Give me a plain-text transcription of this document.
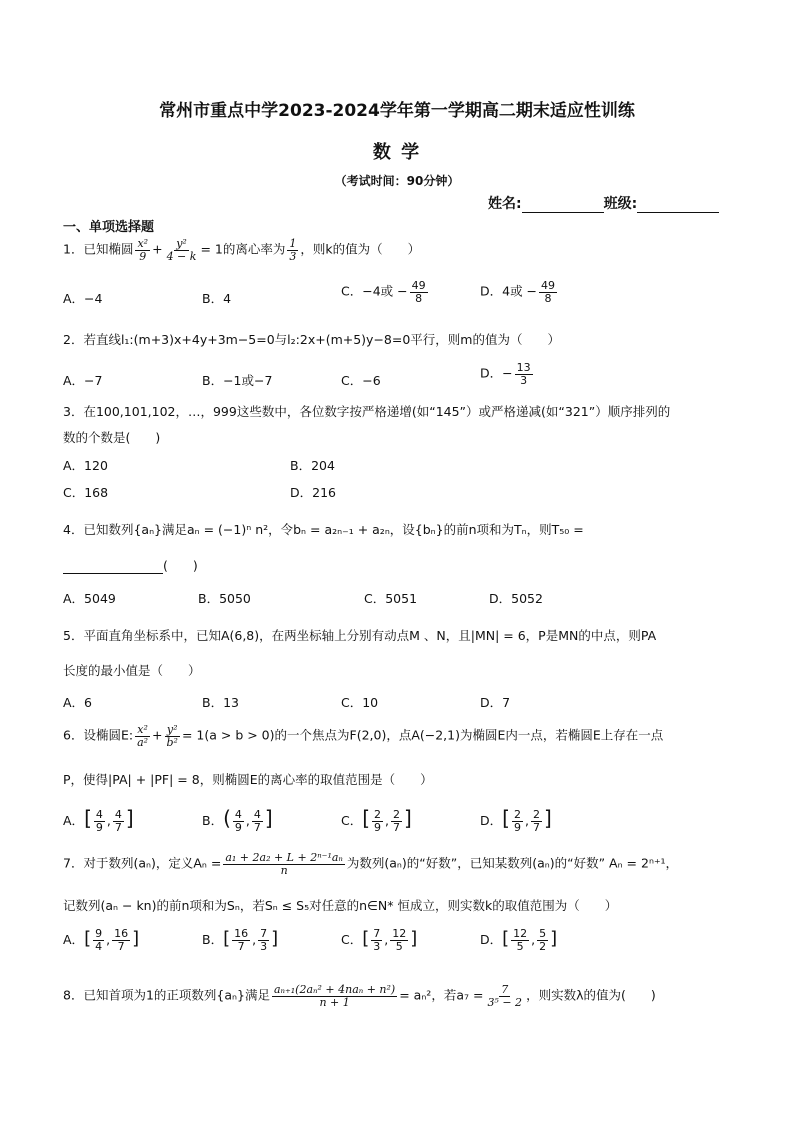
常州市重点中学2023-2024学年第一学期高二期末适应性训练
数 学
（考试时间：90分钟）
姓名:	班级:
一、单项选择题
1．已知椭圆 $\frac{\text{x²}}{9} + \frac{\text{y²}}{4 - k} = 1$的离心率为 $\frac{1}{3}$ ，则k的值为（　　）
A．−4	B．4	C．−4或 − $\frac{49}{8}$	D．4或 − $\frac{49}{8}$
2．若直线l₁:(m+3)x+4y+3m−5=0与l₂:2x+(m+5)y−8=0平行，则m的值为（　　）
A．−7	B．−1或−7	C．−6	D．− $\frac{13}{3}$
3．在100,101,102，…，999这些数中，各位数字按严格递增(如“145”）或严格递减(如“321”）顺序排列的
数的个数是(　　)
A．120	B．204
C．168	D．216
4．已知数列{aₙ}满足aₙ = (−1)ⁿ n²，令bₙ = a₂ₙ₋₁ + a₂ₙ，设{bₙ}的前n项和为Tₙ，则T₅₀ =
(　　)
A．5049	B．5050	C．5051	D．5052
5．平面直角坐标系中，已知A(6,8)，在两坐标轴上分别有动点M 、N，且|MN| = 6，P是MN的中点，则PA
长度的最小值是（　　）
A．6	B．13	C．10	D．7
6．设椭圆E: $\frac{\text{x²}}{\text{a²}} + \frac{\text{y²}}{\text{b²}} = 1(a > b > 0)$的一个焦点为F(2,0)，点A(−2,1)为椭圆E内一点，若椭圆E上存在一点
P，使得|PA| + |PF| = 8，则椭圆E的离心率的取值范围是（　　）
A．[ $\frac{4}{9}$ , $\frac{4}{7}$ ]	B．( $\frac{4}{9}$ , $\frac{4}{7}$ ]	C．[ $\frac{2}{9}$ , $\frac{2}{7}$ ]	D．[ $\frac{2}{9}$ , $\frac{2}{7}$ ]
7．对于数列(aₙ)，定义$A_n = \frac{\text{a₁ + 2a₂ + L + 2ⁿ⁻¹aₙ}}{n}$ 为数列(aₙ)的“好数”，已知某数列(aₙ)的“好数” Aₙ = 2ⁿ⁺¹，
记数列(aₙ − kn)的前n项和为Sₙ，若Sₙ ≤ S₅对任意的n∈N* 恒成立，则实数k的取值范围为（　　）
A．[ $\frac{9}{4}$ , $\frac{16}{7}$ ]	B．[ $\frac{16}{7}$ , $\frac{7}{3}$ ]	C．[ $\frac{7}{3}$ , $\frac{12}{5}$ ]	D．[ $\frac{12}{5}$ , $\frac{5}{2}$ ]
8．已知首项为1的正项数列{aₙ}满足 $\frac{\text{aₙ₊₁(2aₙ² + 4naₙ + n²)}}{n + 1} = a_n^2$，若$a_7 = \frac{7}{\text{3⁵ − 2}}$ ，则实数λ的值为(　　)
